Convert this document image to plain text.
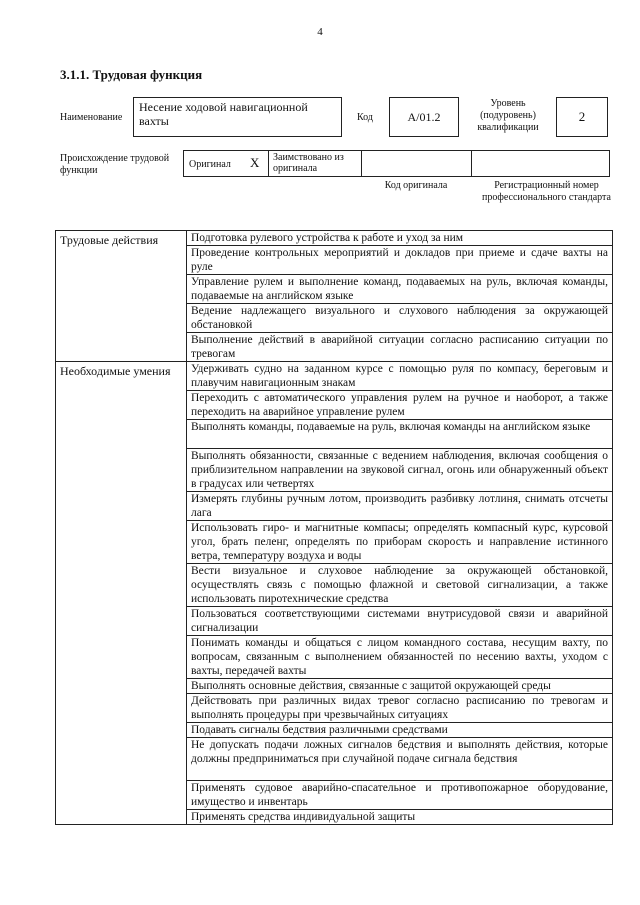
4
3.1.1. Трудовая функция
Наименование
Несение ходовой навигационной вахты	Код	A/01.2
Уровень (подуровень) квалификации
2
Происхождение трудовой функции
Оригинал X	Заимствовано из оригинала
Код оригинала	Регистрационный номер профессионального стандарта
Трудовые действия	Подготовка рулевого устройства к работе и уход за ним
	Проведение контрольных мероприятий и докладов при приеме и сдаче вахты на руле
	Управление рулем и выполнение команд, подаваемых на руль, включая команды, подаваемые на английском языке
	Ведение надлежащего визуального и слухового наблюдения за окружающей обстановкой
	Выполнение действий в аварийной ситуации согласно расписанию ситуации по тревогам
Необходимые умения	Удерживать судно на заданном курсе с помощью руля по компасу, береговым и плавучим навигационным знакам
	Переходить с автоматического управления рулем на ручное и наоборот, а также переходить на аварийное управление рулем
	Выполнять команды, подаваемые на руль, включая команды на английском языке
	Выполнять обязанности, связанные с ведением наблюдения, включая сообщения о приблизительном направлении на звуковой сигнал, огонь или обнаруженный объект в градусах или четвертях
	Измерять глубины ручным лотом, производить разбивку лотлиня, снимать отсчеты лага
	Использовать гиро- и магнитные компасы; определять компасный курс, курсовой угол, брать пеленг, определять по приборам скорость и направление истинного ветра, температуру воздуха и воды
	Вести визуальное и слуховое наблюдение за окружающей обстановкой, осуществлять связь с помощью флажной и световой сигнализации, а также использовать пиротехнические средства
	Пользоваться соответствующими системами внутрисудовой связи и аварийной сигнализации
	Понимать команды и общаться с лицом командного состава, несущим вахту, по вопросам, связанным с выполнением обязанностей по несению вахты, уходом с вахты, передачей вахты
	Выполнять основные действия, связанные с защитой окружающей среды
	Действовать при различных видах тревог согласно расписанию по тревогам и выполнять процедуры при чрезвычайных ситуациях
	Подавать сигналы бедствия различными средствами
	Не допускать подачи ложных сигналов бедствия и выполнять действия, которые должны предприниматься при случайной подаче сигнала бедствия
	Применять судовое аварийно-спасательное и противопожарное оборудование, имущество и инвентарь
	Применять средства индивидуальной защиты
